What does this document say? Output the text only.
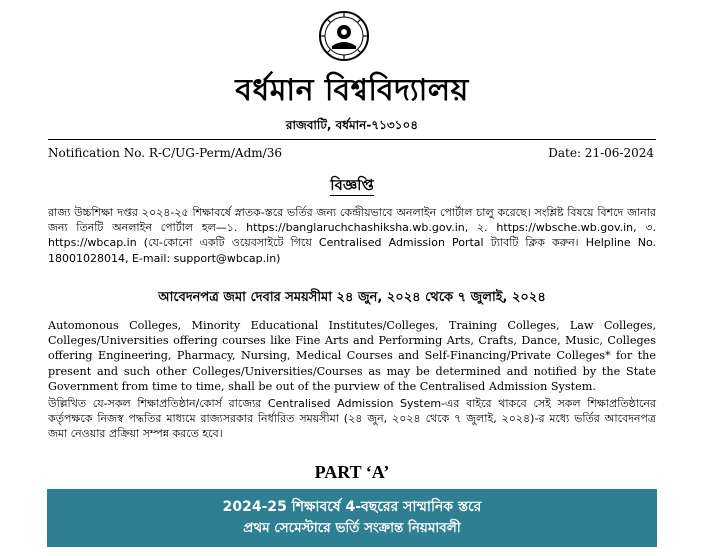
বর্ধমান বিশ্ববিদ্যালয়
রাজবাটি, বর্ধমান-৭১৩১০৪
Notification No. R-C/UG-Perm/Adm/36	Date: 21-06-2024
বিজ্ঞপ্তি

রাজ্য উচ্চশিক্ষা দপ্তর ২০২৪-২৫ শিক্ষাবর্ষে স্নাতক-স্তরে ভর্তির জন্য কেন্দ্রীয়ভাবে অনলাইন পোর্টাল চালু করেছে। সংশ্লিষ্ট বিষয়ে বিশদে জানার জন্য তিনটি অনলাইন পোর্টাল হল—১. https://banglaruchchashiksha.wb.gov.in, ২. https://wbsche.wb.gov.in, ৩. https://wbcap.in (যে-কোনো একটি ওয়েবসাইটে গিয়ে Centralised Admission Portal ট্যাবটি ক্লিক করুন। Helpline No. 18001028014, E-mail: support@wbcap.in)

আবেদনপত্র জমা দেবার সময়সীমা ২৪ জুন, ২০২৪ থেকে ৭ জুলাই, ২০২৪

Automonous Colleges, Minority Educational Institutes/Colleges, Training Colleges, Law Colleges, Colleges/Universities offering courses like Fine Arts and Performing Arts, Crafts, Dance, Music, Colleges offering Engineering, Pharmacy, Nursing, Medical Courses and Self-Financing/Private Colleges* for the present and such other Colleges/Universities/Courses as may be determined and notified by the State Government from time to time, shall be out of the purview of the Centralised Admission System.

উল্লিখিত যে-সকল শিক্ষাপ্রতিষ্ঠান/কোর্স রাজ্যের Centralised Admission System-এর বাইরে থাকবে সেই সকল শিক্ষাপ্রতিষ্ঠানের কর্তৃপক্ষকে নিজস্ব পদ্ধতির মাধ্যমে রাজ্যসরকার নির্ধারিত সময়সীমা (২৪ জুন, ২০২৪ থেকে ৭ জুলাই, ২০২৪)-র মধ্যে ভর্তির আবেদনপত্র জমা নেওয়ার প্রক্রিয়া সম্পন্ন করতে হবে।

PART ‘A’
2024-25 শিক্ষাবর্ষে 4-বছরের সাম্মানিক স্তরে
প্রথম সেমেস্টারে ভর্তি সংক্রান্ত নিয়মাবলী
